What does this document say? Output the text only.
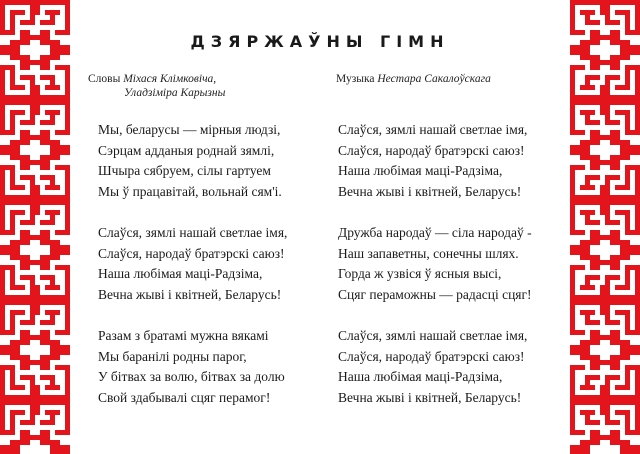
ДЗЯРЖАЎНЫ ГІМН
Словы Міхася Клімковіча,
Уладзіміра Карызны
Музыка Нестара Сакалоўскага
Мы, беларусы — мірныя людзі,
Сэрцам адданыя роднай зямлі,
Шчыра сябруем, сілы гартуем
Мы ў працавітай, вольнай сям'і.
Слаўся, зямлі нашай светлае імя,
Слаўся, народаў братэрскі саюз!
Наша любімая маці-Радзіма,
Вечна жыві і квітней, Беларусь!
Разам з братамі мужна вякамі
Мы баранілі родны парог,
У бітвах за волю, бітвах за долю
Свой здабывалі сцяг перамог!
Слаўся, зямлі нашай светлае імя,
Слаўся, народаў братэрскі саюз!
Наша любімая маці-Радзіма,
Вечна жыві і квітней, Беларусь!
Дружба народаў — сіла народаў -
Наш запаветны, сонечны шлях.
Горда ж узвіся ў ясныя высі,
Сцяг пераможны — радасці сцяг!
Слаўся, зямлі нашай светлае імя,
Слаўся, народаў братэрскі саюз!
Наша любімая маці-Радзіма,
Вечна жыві і квітней, Беларусь!
